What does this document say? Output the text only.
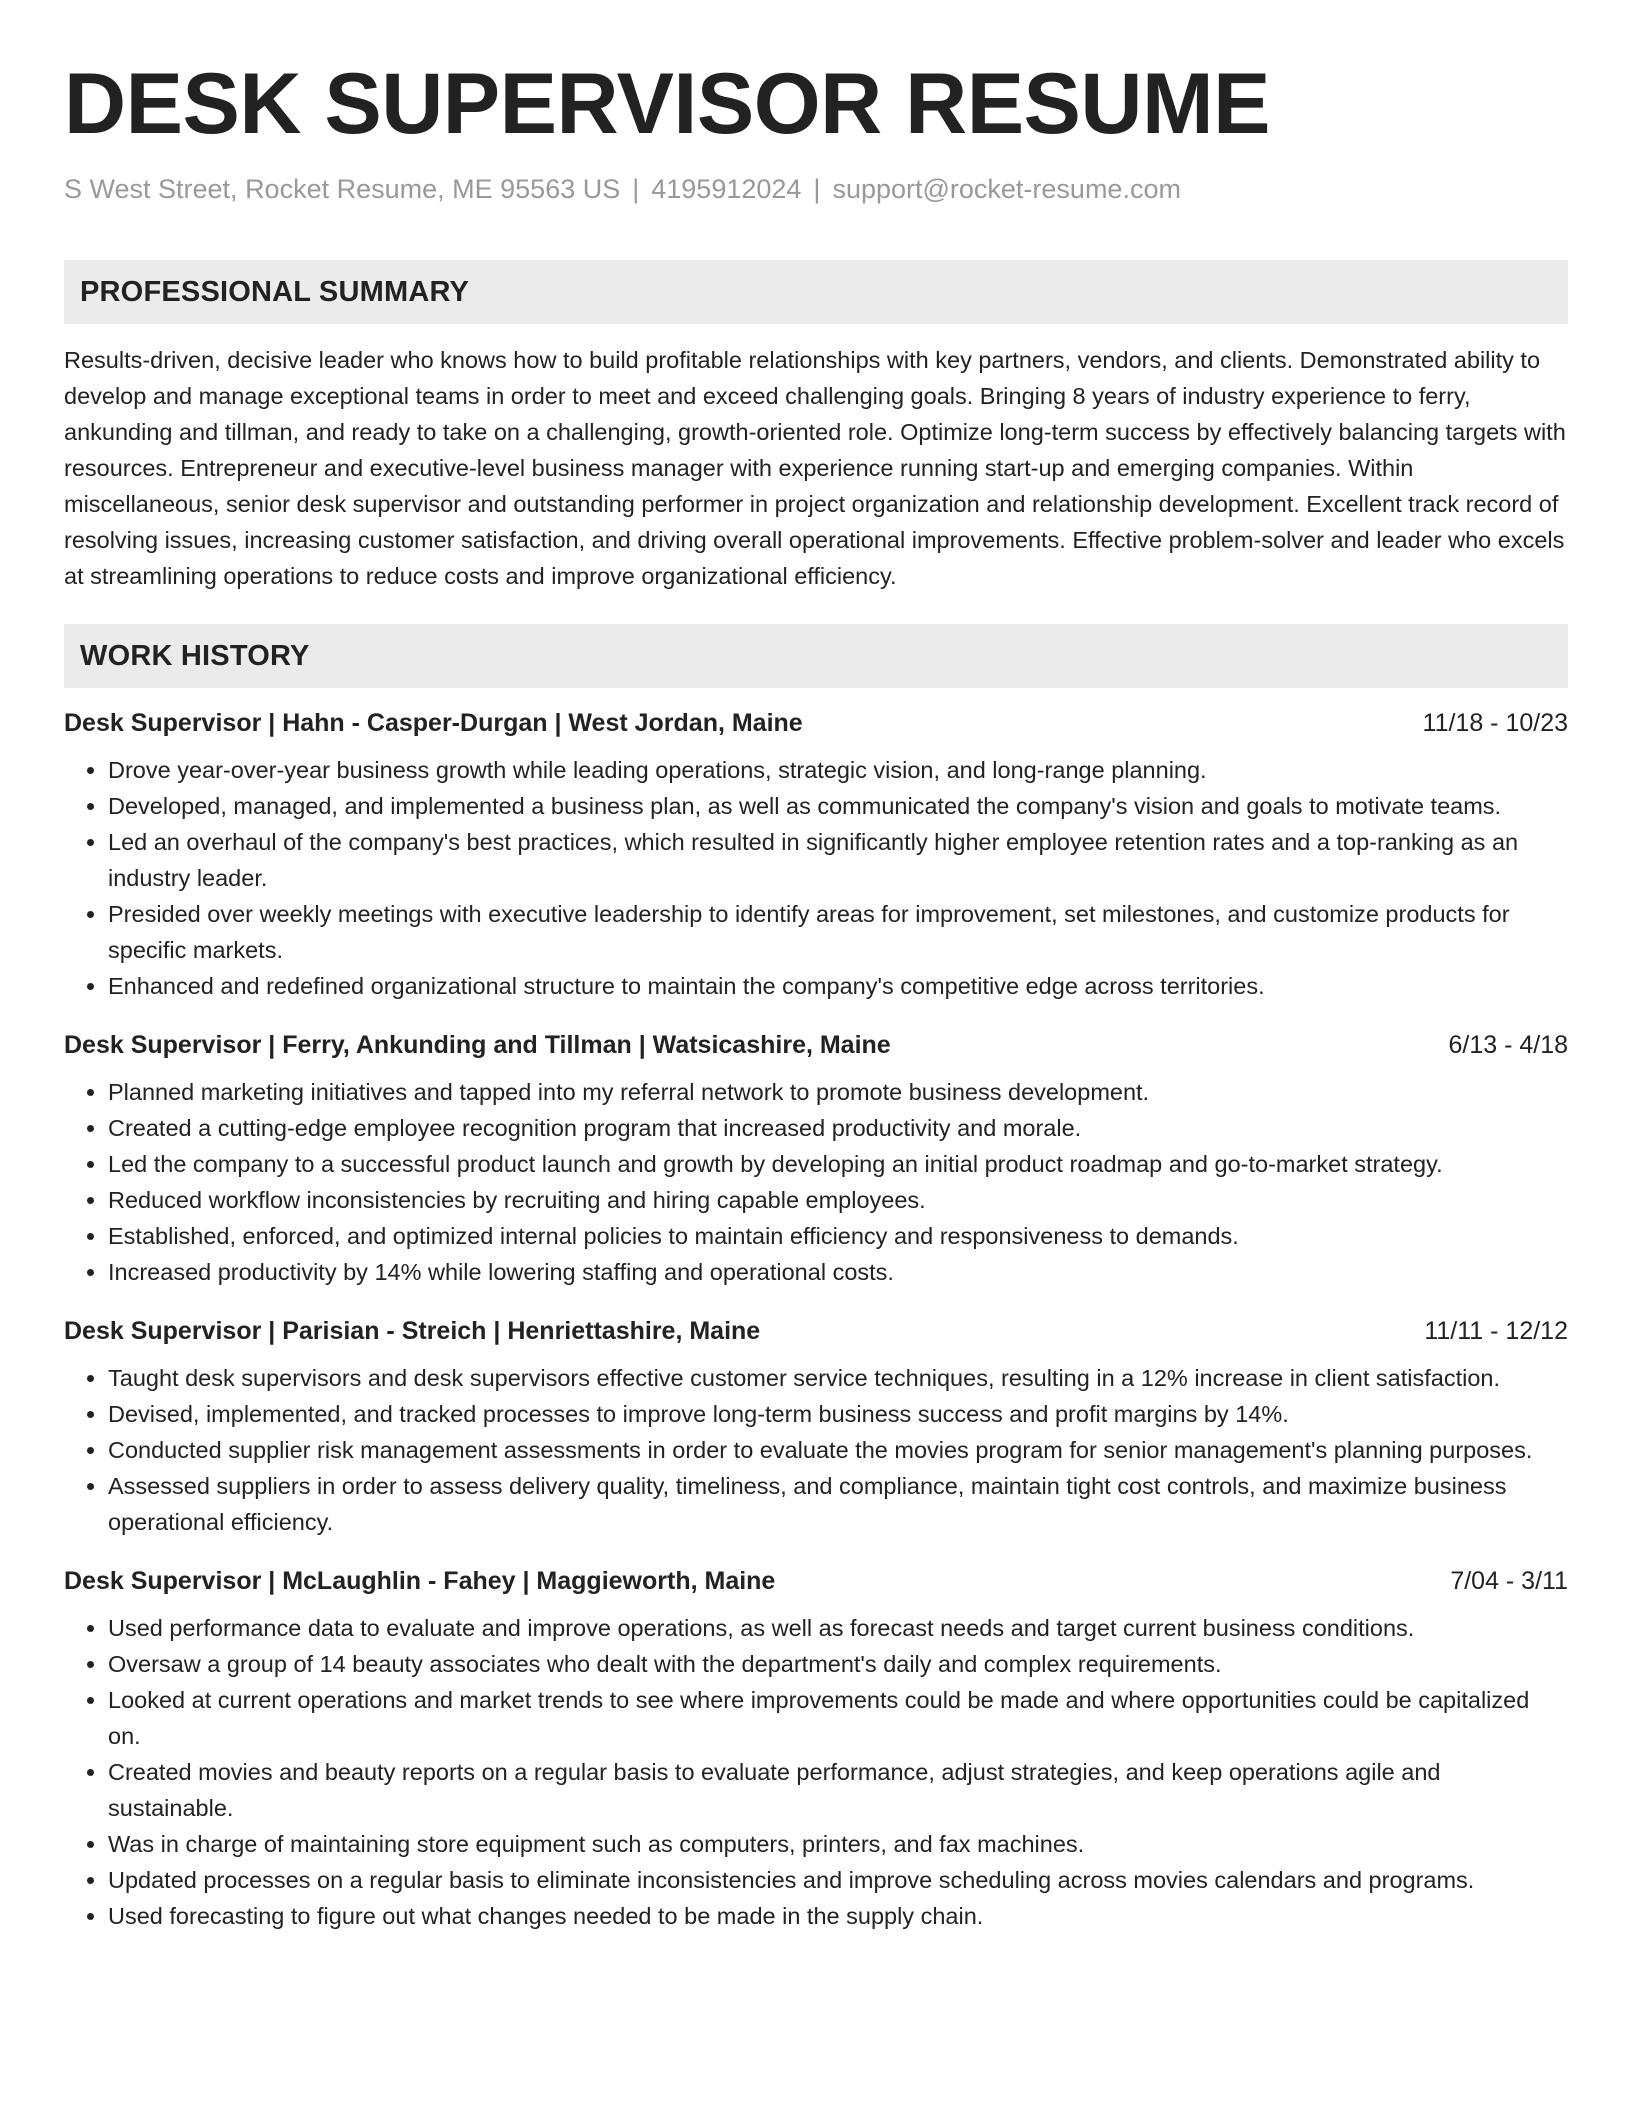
DESK SUPERVISOR RESUME
S West Street, Rocket Resume, ME 95563 US | 4195912024 | support@rocket-resume.com
PROFESSIONAL SUMMARY
Results-driven, decisive leader who knows how to build profitable relationships with key partners, vendors, and clients. Demonstrated ability to develop and manage exceptional teams in order to meet and exceed challenging goals. Bringing 8 years of industry experience to ferry, ankunding and tillman, and ready to take on a challenging, growth-oriented role. Optimize long-term success by effectively balancing targets with resources. Entrepreneur and executive-level business manager with experience running start-up and emerging companies. Within miscellaneous, senior desk supervisor and outstanding performer in project organization and relationship development. Excellent track record of resolving issues, increasing customer satisfaction, and driving overall operational improvements. Effective problem-solver and leader who excels at streamlining operations to reduce costs and improve organizational efficiency.
WORK HISTORY
Desk Supervisor | Hahn - Casper-Durgan | West Jordan, Maine	11/18 - 10/23
• Drove year-over-year business growth while leading operations, strategic vision, and long-range planning.
• Developed, managed, and implemented a business plan, as well as communicated the company's vision and goals to motivate teams.
• Led an overhaul of the company's best practices, which resulted in significantly higher employee retention rates and a top-ranking as an industry leader.
• Presided over weekly meetings with executive leadership to identify areas for improvement, set milestones, and customize products for specific markets.
• Enhanced and redefined organizational structure to maintain the company's competitive edge across territories.
Desk Supervisor | Ferry, Ankunding and Tillman | Watsicashire, Maine	6/13 - 4/18
• Planned marketing initiatives and tapped into my referral network to promote business development.
• Created a cutting-edge employee recognition program that increased productivity and morale.
• Led the company to a successful product launch and growth by developing an initial product roadmap and go-to-market strategy.
• Reduced workflow inconsistencies by recruiting and hiring capable employees.
• Established, enforced, and optimized internal policies to maintain efficiency and responsiveness to demands.
• Increased productivity by 14% while lowering staffing and operational costs.
Desk Supervisor | Parisian - Streich | Henriettashire, Maine	11/11 - 12/12
• Taught desk supervisors and desk supervisors effective customer service techniques, resulting in a 12% increase in client satisfaction.
• Devised, implemented, and tracked processes to improve long-term business success and profit margins by 14%.
• Conducted supplier risk management assessments in order to evaluate the movies program for senior management's planning purposes.
• Assessed suppliers in order to assess delivery quality, timeliness, and compliance, maintain tight cost controls, and maximize business operational efficiency.
Desk Supervisor | McLaughlin - Fahey | Maggieworth, Maine	7/04 - 3/11
• Used performance data to evaluate and improve operations, as well as forecast needs and target current business conditions.
• Oversaw a group of 14 beauty associates who dealt with the department's daily and complex requirements.
• Looked at current operations and market trends to see where improvements could be made and where opportunities could be capitalized on.
• Created movies and beauty reports on a regular basis to evaluate performance, adjust strategies, and keep operations agile and sustainable.
• Was in charge of maintaining store equipment such as computers, printers, and fax machines.
• Updated processes on a regular basis to eliminate inconsistencies and improve scheduling across movies calendars and programs.
• Used forecasting to figure out what changes needed to be made in the supply chain.
